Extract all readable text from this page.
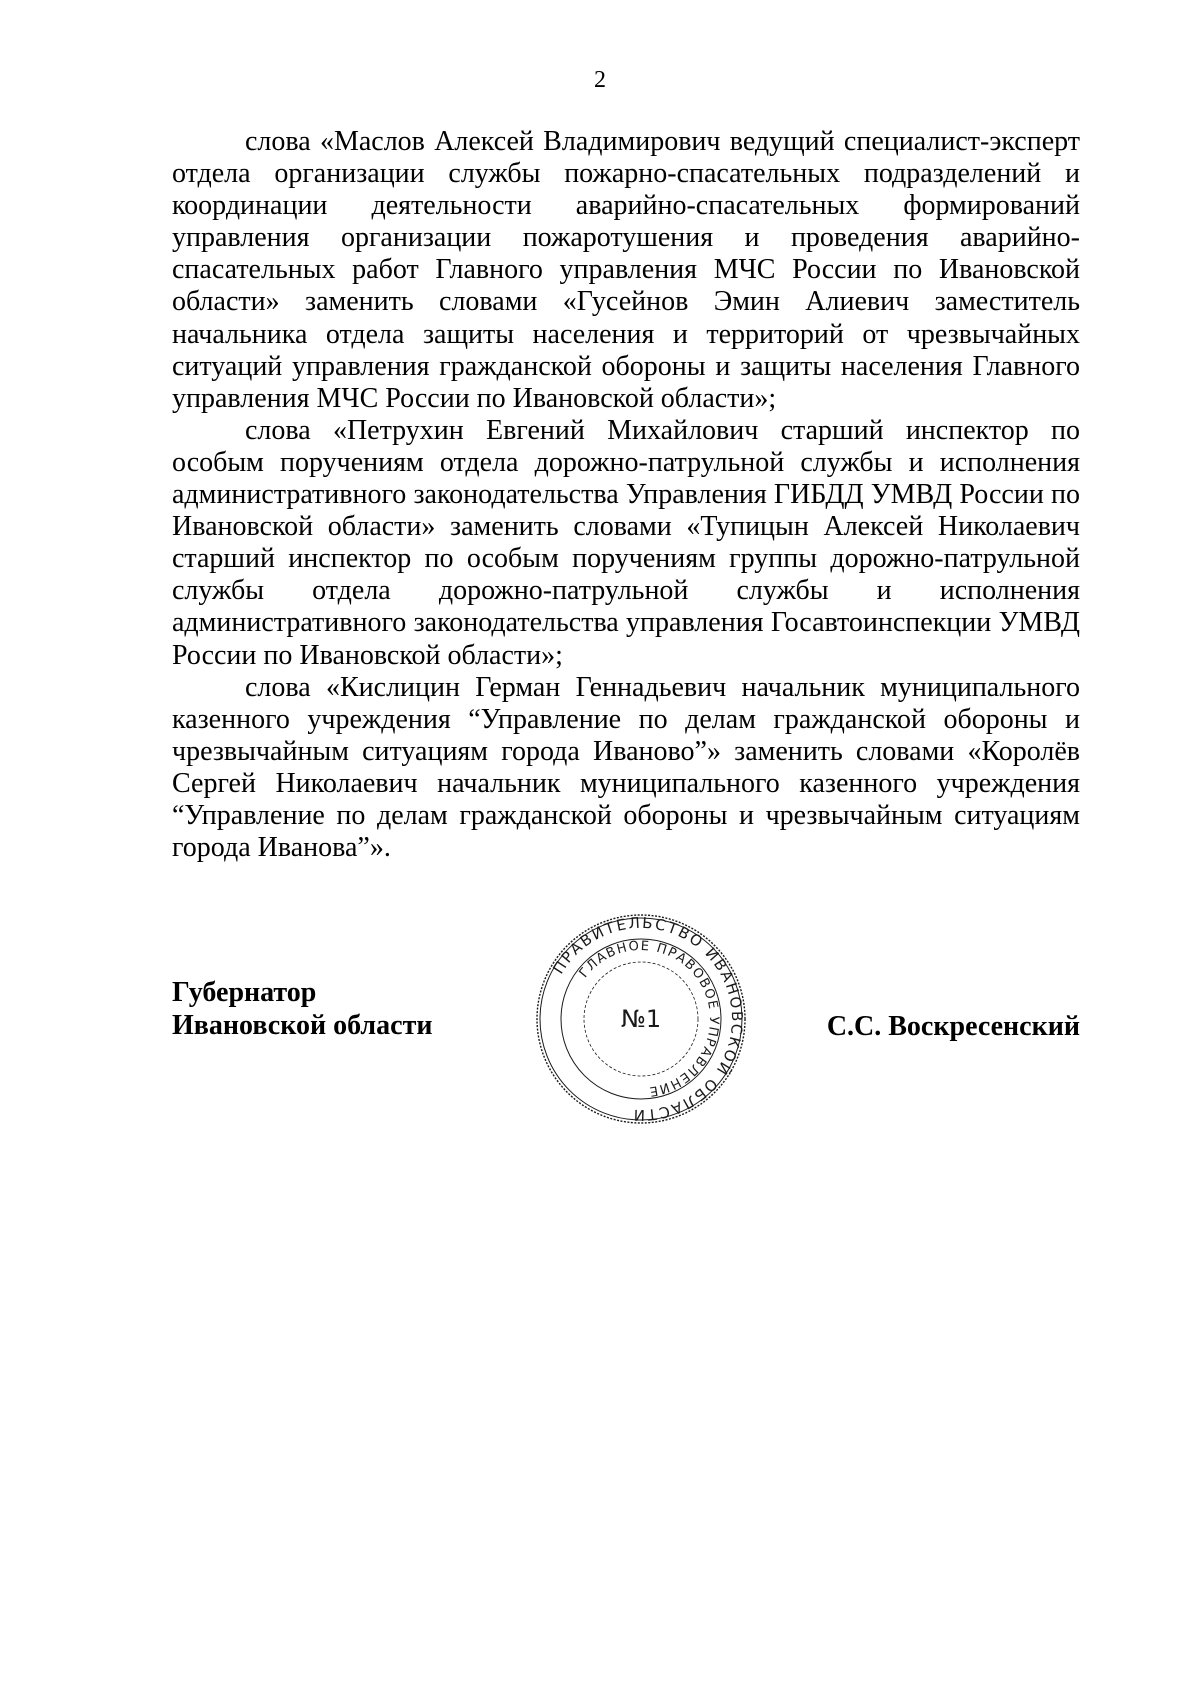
2

слова «Маслов Алексей Владимирович ведущий специалист-эксперт отдела организации службы пожарно-спасательных подразделений и координации деятельности аварийно-спасательных формирований управления организации пожаротушения и проведения аварийно-спасательных работ Главного управления МЧС России по Ивановской области» заменить словами «Гусейнов Эмин Алиевич заместитель начальника отдела защиты населения и территорий от чрезвычайных ситуаций управления гражданской обороны и защиты населения Главного управления МЧС России по Ивановской области»;

слова «Петрухин Евгений Михайлович старший инспектор по особым поручениям отдела дорожно-патрульной службы и исполнения административного законодательства Управления ГИБДД УМВД России по Ивановской области» заменить словами «Тупицын Алексей Николаевич старший инспектор по особым поручениям группы дорожно-патрульной службы отдела дорожно-патрульной службы и исполнения административного законодательства управления Госавтоинспекции УМВД России по Ивановской области»;

слова «Кислицин Герман Геннадьевич начальник муниципального казенного учреждения “Управление по делам гражданской обороны и чрезвычайным ситуациям города Иваново”» заменить словами «Королёв Сергей Николаевич начальник муниципального казенного учреждения “Управление по делам гражданской обороны и чрезвычайным ситуациям города Иванова”».

Губернатор
Ивановской области	С.С. Воскресенский
ПРАВИТЕЛЬСТВО ИВАНОВСКОЙ ОБЛАСТИ
ГЛАВНОЕ ПРАВОВОЕ УПРАВЛЕНИЕ
№1
